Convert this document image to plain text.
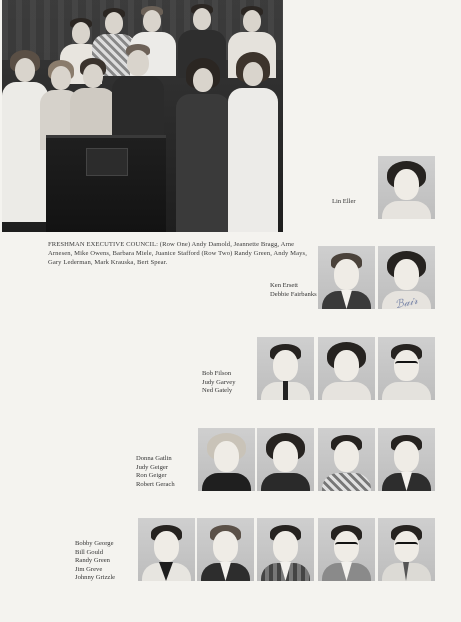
FRESHMAN EXECUTIVE COUNCIL: (Row One) Andy Damold, Jeannette Bragg, Arne Arnesen, Mike Owens, Barbara Miele, Juanice Stafford (Row Two) Randy Green, Andy Mays, Gary Lederman, Mark Krauska, Bert Spear.
Lin Eller
Ken Ersett
Debbie Fairbanks	ℬ𝒶𝒾𝓇
Bob Filson
Judy Garvey
Ned Gately
Donna Gatlin
Judy Geiger
Ron Geiger
Robert Gerach
Bobby George
Bill Gould
Randy Green
Jim Greve
Johnny Grizzle
